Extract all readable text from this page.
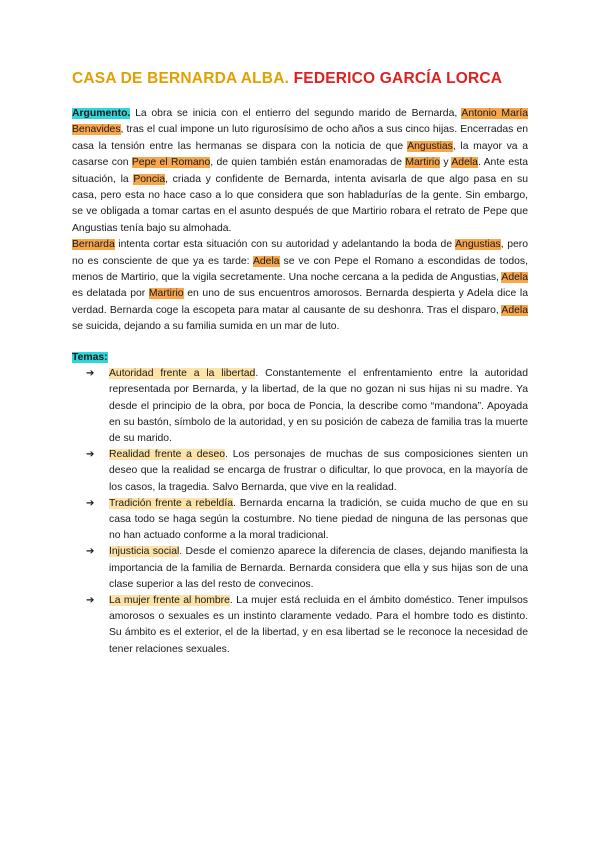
CASA DE BERNARDA ALBA. FEDERICO GARCÍA LORCA

Argumento. La obra se inicia con el entierro del segundo marido de Bernarda, Antonio María Benavides, tras el cual impone un luto rigurosísimo de ocho años a sus cinco hijas. Encerradas en casa la tensión entre las hermanas se dispara con la noticia de que Angustias, la mayor va a casarse con Pepe el Romano, de quien también están enamoradas de Martirio y Adela. Ante esta situación, la Poncia, criada y confidente de Bernarda, intenta avisarla de que algo pasa en su casa, pero esta no hace caso a lo que considera que son habladurías de la gente. Sin embargo, se ve obligada a tomar cartas en el asunto después de que Martirio robara el retrato de Pepe que Angustias tenía bajo su almohada.

Bernarda intenta cortar esta situación con su autoridad y adelantando la boda de Angustias, pero no es consciente de que ya es tarde: Adela se ve con Pepe el Romano a escondidas de todos, menos de Martirio, que la vigila secretamente. Una noche cercana a la pedida de Angustias, Adela es delatada por Martirio en uno de sus encuentros amorosos. Bernarda despierta y Adela dice la verdad. Bernarda coge la escopeta para matar al causante de su deshonra. Tras el disparo, Adela se suicida, dejando a su familia sumida en un mar de luto.

Temas:

➔ Autoridad frente a la libertad. Constantemente el enfrentamiento entre la autoridad representada por Bernarda, y la libertad, de la que no gozan ni sus hijas ni su madre. Ya desde el principio de la obra, por boca de Poncia, la describe como “mandona”. Apoyada en su bastón, símbolo de la autoridad, y en su posición de cabeza de familia tras la muerte de su marido.
➔ Realidad frente a deseo. Los personajes de muchas de sus composiciones sienten un deseo que la realidad se encarga de frustrar o dificultar, lo que provoca, en la mayoría de los casos, la tragedia. Salvo Bernarda, que vive en la realidad.
➔ Tradición frente a rebeldía. Bernarda encarna la tradición, se cuida mucho de que en su casa todo se haga según la costumbre. No tiene piedad de ninguna de las personas que no han actuado conforme a la moral tradicional.
➔ Injusticia social. Desde el comienzo aparece la diferencia de clases, dejando manifiesta la importancia de la familia de Bernarda. Bernarda considera que ella y sus hijas son de una clase superior a las del resto de convecinos.
➔ La mujer frente al hombre. La mujer está recluida en el ámbito doméstico. Tener impulsos amorosos o sexuales es un instinto claramente vedado. Para el hombre todo es distinto. Su ámbito es el exterior, el de la libertad, y en esa libertad se le reconoce la necesidad de tener relaciones sexuales.
